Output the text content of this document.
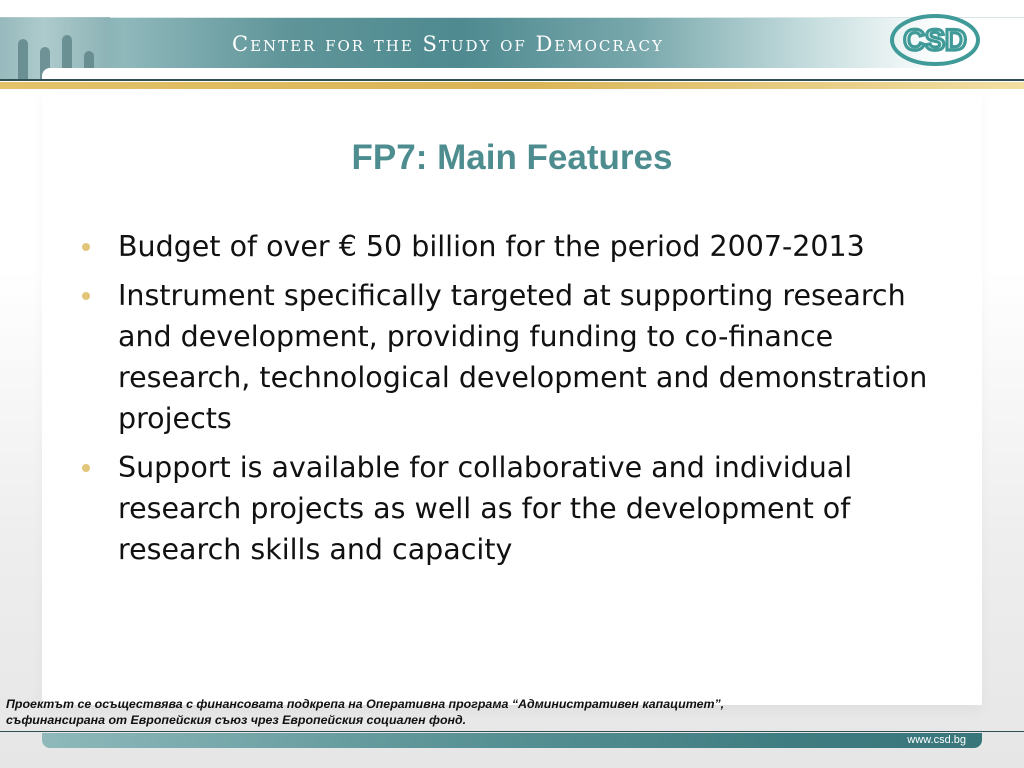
Center for the Study of Democracy	CSD
FP7: Main Features
Budget of over € 50 billion for the period 2007-2013
Instrument specifically targeted at supporting research and development, providing funding to co-finance research, technological development and demonstration projects
Support is available for collaborative and individual research projects as well as for the development of research skills and capacity
Проектът се осъществява с финансовата подкрепа на Оперативна програма “Административен капацитет”,
съфинансирана от Европейския съюз чрез Европейския социален фонд.
www.csd.bg
